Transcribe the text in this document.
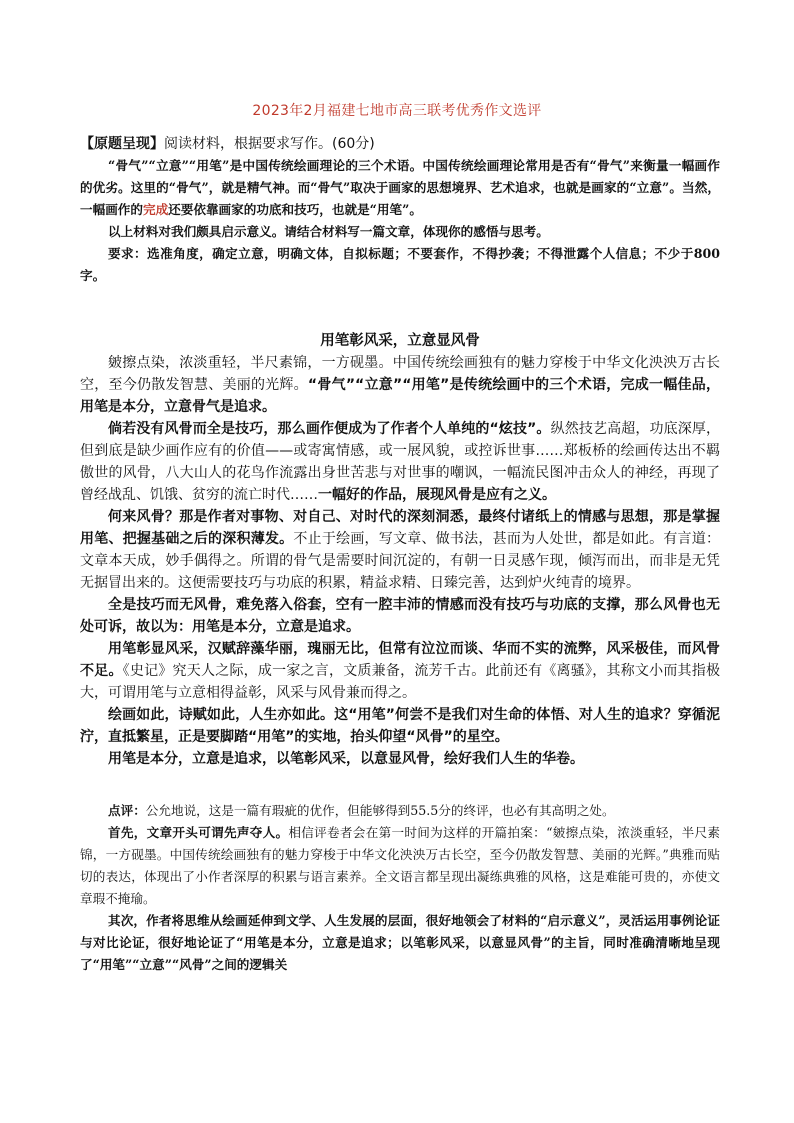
2023年2月福建七地市高三联考优秀作文选评

【原题呈现】阅读材料，根据要求写作。(60分)

“骨气”“立意”“用笔”是中国传统绘画理论的三个术语。中国传统绘画理论常用是否有“骨气”来衡量一幅画作的优劣。这里的“骨气”，就是精气神。而“骨气”取决于画家的思想境界、艺术追求，也就是画家的“立意”。当然，一幅画作的完成还要依靠画家的功底和技巧，也就是“用笔”。

以上材料对我们颇具启示意义。请结合材料写一篇文章，体现你的感悟与思考。

要求：选准角度，确定立意，明确文体，自拟标题；不要套作，不得抄袭；不得泄露个人信息；不少于800字。

用笔彰风采，立意显风骨

皴擦点染，浓淡重轻，半尺素锦，一方砚墨。中国传统绘画独有的魅力穿梭于中华文化泱泱万古长空，至今仍散发智慧、美丽的光辉。“骨气”“立意”“用笔”是传统绘画中的三个术语，完成一幅佳品，用笔是本分，立意骨气是追求。

倘若没有风骨而全是技巧，那么画作便成为了作者个人单纯的“炫技”。纵然技艺高超，功底深厚，但到底是缺少画作应有的价值——或寄寓情感，或一展风貌，或控诉世事……郑板桥的绘画传达出不羁傲世的风骨，八大山人的花鸟作流露出身世苦悲与对世事的嘲讽，一幅流民图冲击众人的神经，再现了曾经战乱、饥饿、贫穷的流亡时代……一幅好的作品，展现风骨是应有之义。

何来风骨？那是作者对事物、对自己、对时代的深刻洞悉，最终付诸纸上的情感与思想，那是掌握用笔、把握基础之后的深积薄发。不止于绘画，写文章、做书法，甚而为人处世，都是如此。有言道：文章本天成，妙手偶得之。所谓的骨气是需要时间沉淀的，有朝一日灵感乍现，倾泻而出，而非是无凭无据冒出来的。这便需要技巧与功底的积累，精益求精、日臻完善，达到炉火纯青的境界。

全是技巧而无风骨，难免落入俗套，空有一腔丰沛的情感而没有技巧与功底的支撑，那么风骨也无处可诉，故以为：用笔是本分，立意是追求。

用笔彰显风采，汉赋辞藻华丽，瑰丽无比，但常有泣泣而谈、华而不实的流弊，风采极佳，而风骨不足。《史记》究天人之际，成一家之言，文质兼备，流芳千古。此前还有《离骚》，其称文小而其指极大，可谓用笔与立意相得益彰，风采与风骨兼而得之。

绘画如此，诗赋如此，人生亦如此。这“用笔”何尝不是我们对生命的体悟、对人生的追求？穿循泥泞，直抵繁星，正是要脚踏“用笔”的实地，抬头仰望“风骨”的星空。

用笔是本分，立意是追求，以笔彰风采，以意显风骨，绘好我们人生的华卷。

点评：公允地说，这是一篇有瑕疵的优作，但能够得到55.5分的终评，也必有其高明之处。

首先，文章开头可谓先声夺人。相信评卷者会在第一时间为这样的开篇拍案：“皴擦点染，浓淡重轻，半尺素锦，一方砚墨。中国传统绘画独有的魅力穿梭于中华文化泱泱万古长空，至今仍散发智慧、美丽的光辉。”典雅而贴切的表达，体现出了小作者深厚的积累与语言素养。全文语言都呈现出凝练典雅的风格，这是难能可贵的，亦使文章瑕不掩瑜。

其次，作者将思维从绘画延伸到文学、人生发展的层面，很好地领会了材料的“启示意义”，灵活运用事例论证与对比论证，很好地论证了“用笔是本分，立意是追求；以笔彰风采，以意显风骨”的主旨，同时准确清晰地呈现了“用笔”“立意”“风骨”之间的逻辑关
